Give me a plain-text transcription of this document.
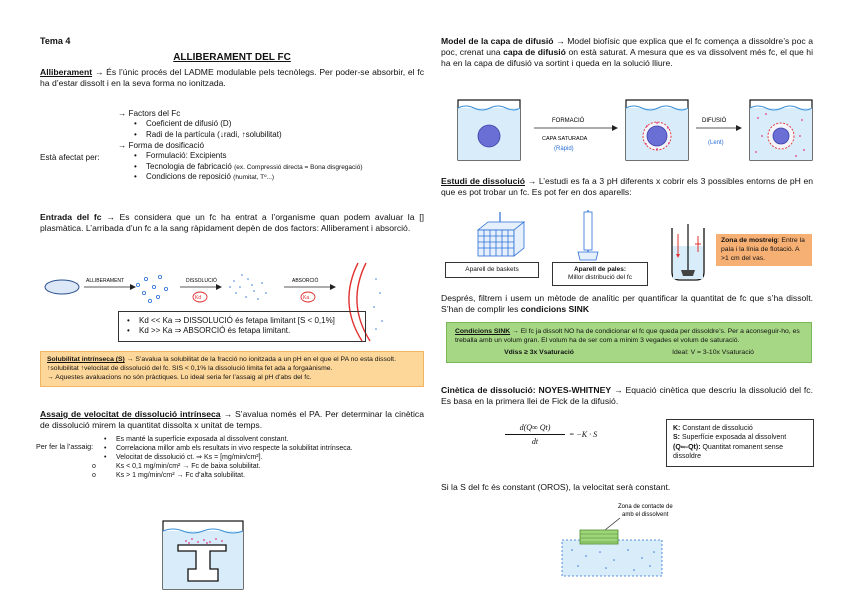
Tema 4
ALLIBERAMENT DEL FC
Alliberament → És l’únic procés del LADME modulable pels tecnòlegs. Per poder-se absorbir, el fc ha d’estar dissolt i en la seva forma no ionitzada.
Està afectat per:
→ Factors del Fc
• Coeficient de difusió (D)
• Radi de la partícula (↓radi, ↑solubilitat)
→ Forma de dosificació
• Formulació: Excipients
• Tecnologia de fabricació (ex. Compressió directa = Bona disgregació)
• Condicions de reposició (humitat, Tº...)
Entrada del fc → Es considera que un fc ha entrat a l’organisme quan podem avaluar la [] plasmàtica. L’arribada d’un fc a la sang ràpidament depèn de dos factors: Alliberament i absorció.
ALLIBERAMENT	DISSOLUCIÓ
Kd
ABSORCIÓ
Ka
• Kd << Ka ⇒ DISSOLUCIÓ és fetapa limitant [S < 0,1%]
• Kd >> Ka ⇒ ABSORCIÓ és fetapa limitant.
Solubilitat intrínseca (S) → S’avalua la solubilitat de la fracció no ionitzada a un pH en el que el PA no esta dissolt. ↑solubilitat ↑velocitat de dissolució del fc. SIS < 0,1% la dissolució limita fet ada a forgaànisme.
→ Aquestes avaluacions no són pràctiques. Lo ideal seria fer l’assaig al pH d’abs del fc.
Assaig de velocitat de dissolució intrínseca → S’avalua només el PA. Per determinar la cinètica de dissolució mirem la quantitat dissolta x unitat de temps.
Per fer la l’assaig:
• Es manté la superfície exposada al dissolvent constant.
• Correlaciona millor amb els resultats in vivo respecte la solubilitat intrínseca.
• Velocitat de dissolució ct. ⇒ Ks = [mg/min/cm²].
o Ks < 0,1 mg/min/cm² → Fc de baixa solubilitat.
o Ks > 1 mg/min/cm² → Fc d’alta solubilitat.
Model de la capa de difusió → Model biofísic que explica que el fc comença a dissoldre’s poc a poc, crenat una capa de difusió on està saturat. A mesura que es va dissolvent més fc, el que hi ha en la capa de difusió va sortint i queda en la solució lliure.
FORMACIÓ
CAPA SATURADA
(Ràpid)
DIFUSIÓ
(Lent)
Estudi de dissolució → L’estudi es fa a 3 pH diferents x cobrir els 3 possibles entorns de pH en que es pot trobar un fc. Es pot fer en dos aparells:
Aparell de baskets	Aparell de pales:
Millor distribució del fc
Zona de mostreig: Entre la pala i la línia de flotació. A >1 cm del vas.
Després, filtrem i usem un mètode de analític per quantificar la quantitat de fc que s’ha dissolt. S’han de complir les condicions SINK
Condicions SINK → El fc ja dissolt NO ha de condicionar el fc que queda per dissoldre’s. Per a aconseguir-ho, es treballa amb un volum gran. El volum ha de ser com a mínim 3 vegades el volum de saturació.
Vdiss ≥ 3x Vsaturació	Ideal: V = 3-10x Vsaturació
Cinètica de dissolució: NOYES-WHITNEY → Equació cinètica que descriu la dissolució del fc. Es basa en la primera llei de Fick de la difusió.
d(Q∞ Qt)
dt
= −K · S
K: Constant de dissolució
S: Superfície exposada al dissolvent
(Q∞-Qt): Quantitat romanent sense dissoldre
Si la S del fc és constant (OROS), la velocitat serà constant.
Zona de contacte de
amb el dissolvent
